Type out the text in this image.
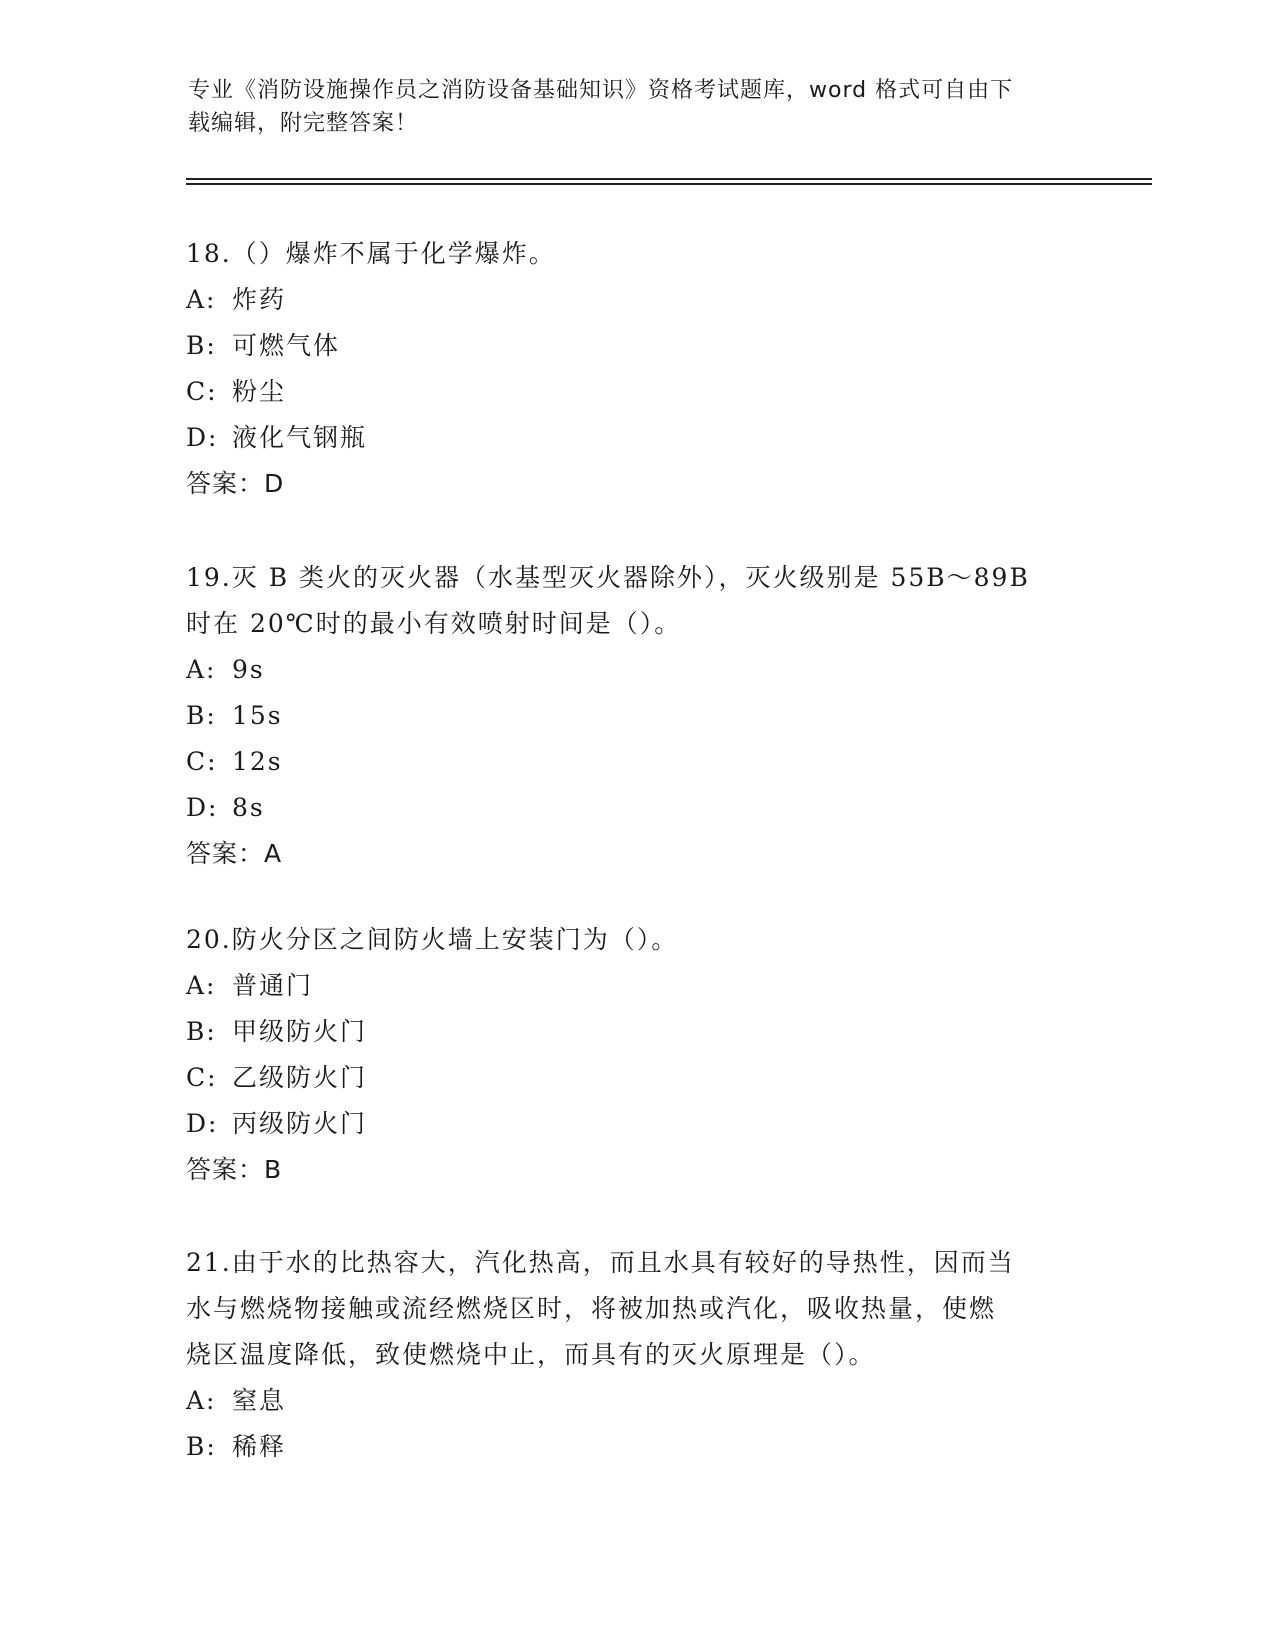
专业《消防设施操作员之消防设备基础知识》资格考试题库，word 格式可自由下
载编辑，附完整答案！
18.（）爆炸不属于化学爆炸。
A: 炸药
B: 可燃气体
C: 粉尘
D: 液化气钢瓶
答案：D
19.灭 B 类火的灭火器（水基型灭火器除外），灭火级别是 55B～89B
时在 20℃时的最小有效喷射时间是（）。
A: 9s
B: 15s
C: 12s
D: 8s
答案：A
20.防火分区之间防火墙上安装门为（）。
A: 普通门
B: 甲级防火门
C: 乙级防火门
D: 丙级防火门
答案：B
21.由于水的比热容大，汽化热高，而且水具有较好的导热性，因而当
水与燃烧物接触或流经燃烧区时，将被加热或汽化，吸收热量，使燃
烧区温度降低，致使燃烧中止，而具有的灭火原理是（）。
A: 窒息
B: 稀释
